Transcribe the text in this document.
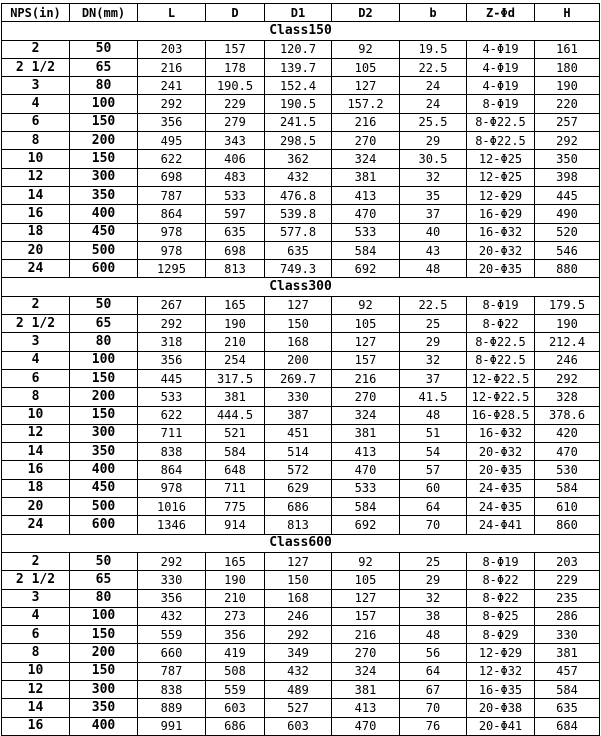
NPS(in)	DN(mm)	L	D	D1	D2	b	Z-Φd	H
Class150								
2	50	203	157	120.7	92	19.5	4-Φ19	161
2 1/2	65	216	178	139.7	105	22.5	4-Φ19	180
3	80	241	190.5	152.4	127	24	4-Φ19	190
4	100	292	229	190.5	157.2	24	8-Φ19	220
6	150	356	279	241.5	216	25.5	8-Φ22.5	257
8	200	495	343	298.5	270	29	8-Φ22.5	292
10	150	622	406	362	324	30.5	12-Φ25	350
12	300	698	483	432	381	32	12-Φ25	398
14	350	787	533	476.8	413	35	12-Φ29	445
16	400	864	597	539.8	470	37	16-Φ29	490
18	450	978	635	577.8	533	40	16-Φ32	520
20	500	978	698	635	584	43	20-Φ32	546
24	600	1295	813	749.3	692	48	20-Φ35	880
Class300								
2	50	267	165	127	92	22.5	8-Φ19	179.5
2 1/2	65	292	190	150	105	25	8-Φ22	190
3	80	318	210	168	127	29	8-Φ22.5	212.4
4	100	356	254	200	157	32	8-Φ22.5	246
6	150	445	317.5	269.7	216	37	12-Φ22.5	292
8	200	533	381	330	270	41.5	12-Φ22.5	328
10	150	622	444.5	387	324	48	16-Φ28.5	378.6
12	300	711	521	451	381	51	16-Φ32	420
14	350	838	584	514	413	54	20-Φ32	470
16	400	864	648	572	470	57	20-Φ35	530
18	450	978	711	629	533	60	24-Φ35	584
20	500	1016	775	686	584	64	24-Φ35	610
24	600	1346	914	813	692	70	24-Φ41	860
Class600								
2	50	292	165	127	92	25	8-Φ19	203
2 1/2	65	330	190	150	105	29	8-Φ22	229
3	80	356	210	168	127	32	8-Φ22	235
4	100	432	273	246	157	38	8-Φ25	286
6	150	559	356	292	216	48	8-Φ29	330
8	200	660	419	349	270	56	12-Φ29	381
10	150	787	508	432	324	64	12-Φ32	457
12	300	838	559	489	381	67	16-Φ35	584
14	350	889	603	527	413	70	20-Φ38	635
16	400	991	686	603	470	76	20-Φ41	684
